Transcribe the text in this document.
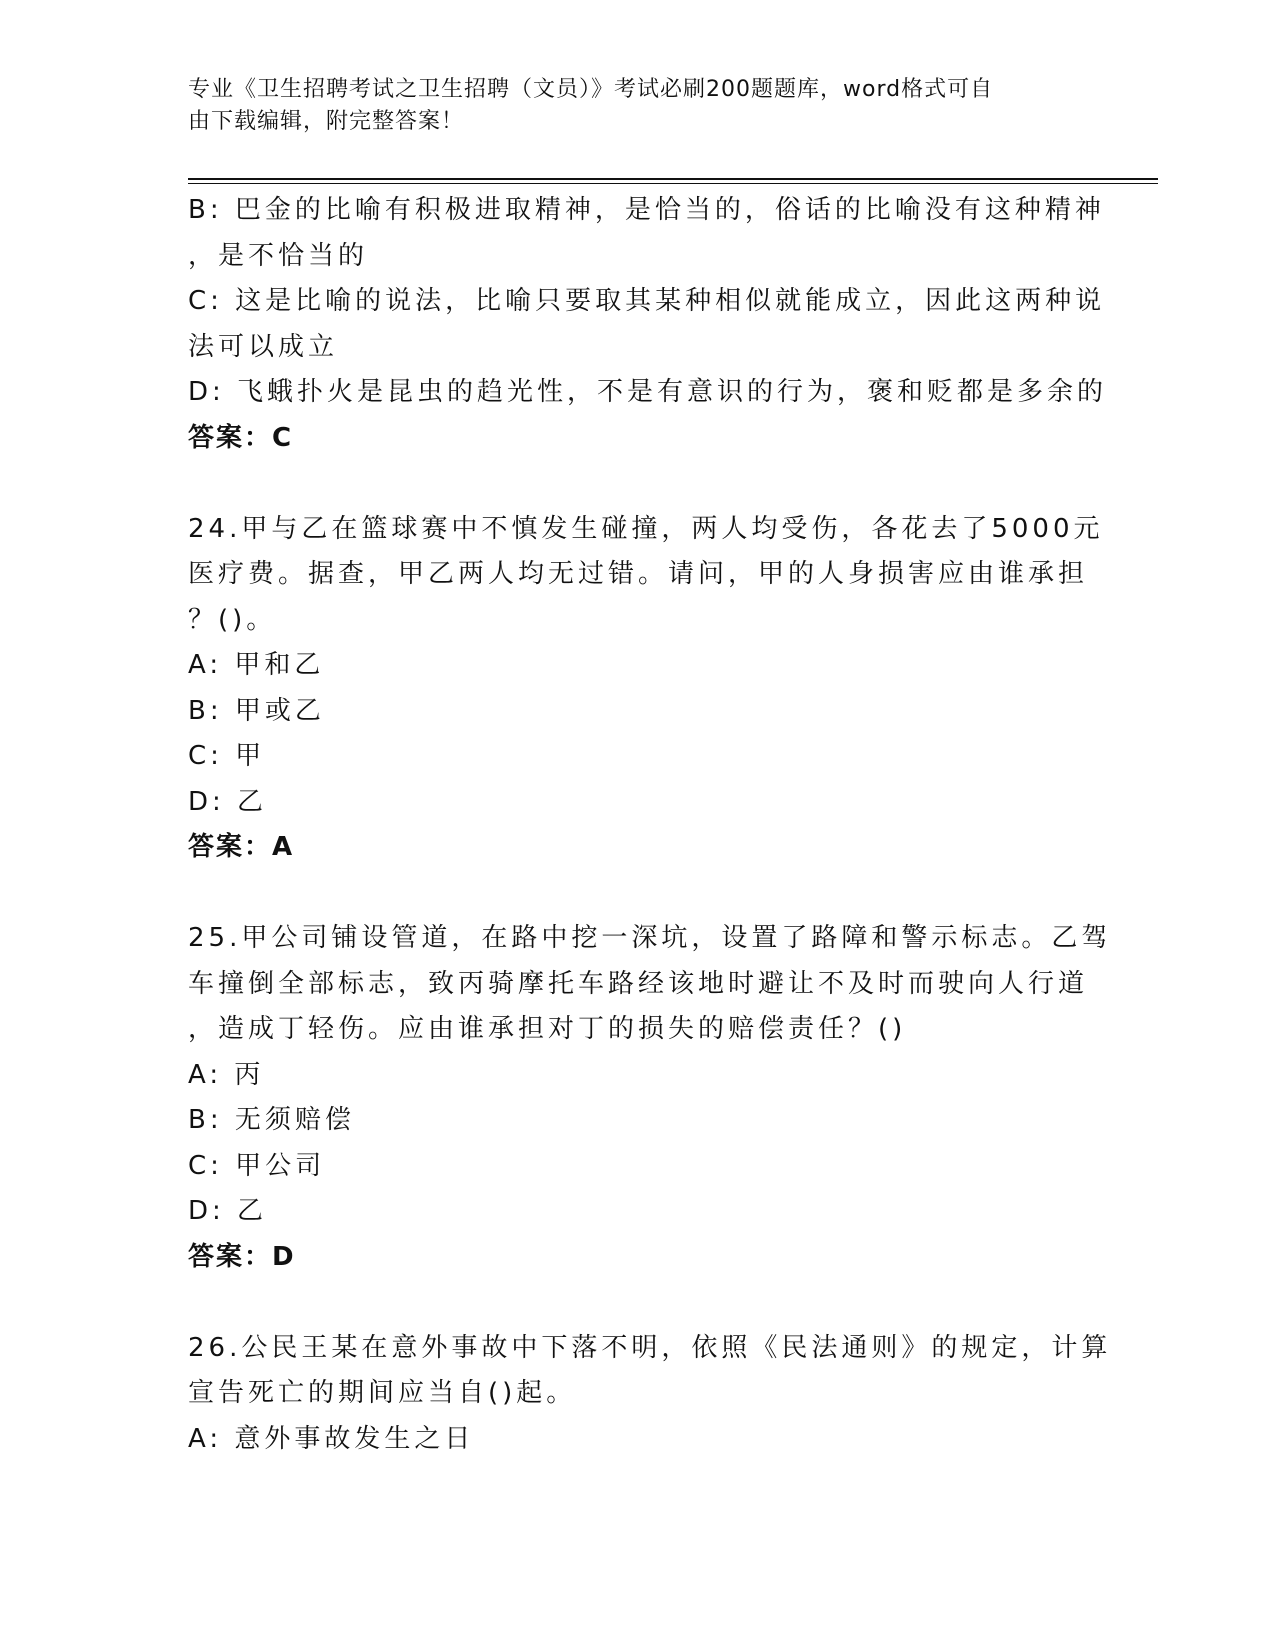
专业《卫生招聘考试之卫生招聘（文员）》考试必刷200题题库，word格式可自
由下载编辑，附完整答案！
B: 巴金的比喻有积极进取精神，是恰当的，俗话的比喻没有这种精神
，是不恰当的
C: 这是比喻的说法，比喻只要取其某种相似就能成立，因此这两种说
法可以成立
D: 飞蛾扑火是昆虫的趋光性，不是有意识的行为，褒和贬都是多余的
答案：C
24.甲与乙在篮球赛中不慎发生碰撞，两人均受伤，各花去了5000元
医疗费。据查，甲乙两人均无过错。请问，甲的人身损害应由谁承担
？()。
A: 甲和乙
B: 甲或乙
C: 甲
D: 乙
答案：A
25.甲公司铺设管道，在路中挖一深坑，设置了路障和警示标志。乙驾
车撞倒全部标志，致丙骑摩托车路经该地时避让不及时而驶向人行道
，造成丁轻伤。应由谁承担对丁的损失的赔偿责任？()
A: 丙
B: 无须赔偿
C: 甲公司
D: 乙
答案：D
26.公民王某在意外事故中下落不明，依照《民法通则》的规定，计算
宣告死亡的期间应当自()起。
A: 意外事故发生之日
